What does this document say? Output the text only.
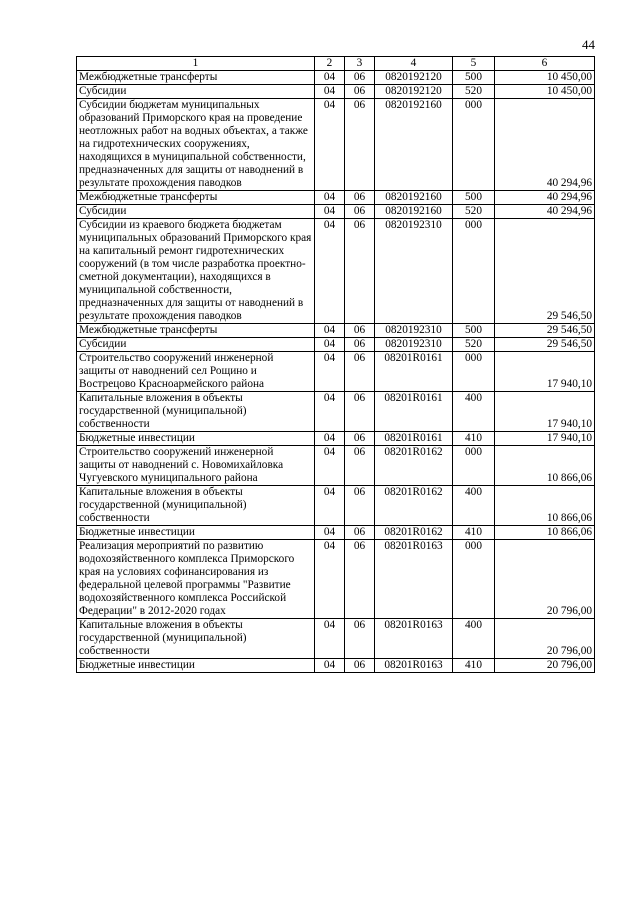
44
1	2	3	4	5	6
Межбюджетные трансферты	04	06	0820192120	500	10 450,00
Субсидии	04	06	0820192120	520	10 450,00
Субсидии бюджетам муниципальных образований Приморского края на проведение неотложных работ на водных объектах, а также на гидротехнических сооружениях, находящихся в муниципальной собственности, предназначенных для защиты от наводнений в результате прохождения паводков	04	06	0820192160	000	40 294,96
Межбюджетные трансферты	04	06	0820192160	500	40 294,96
Субсидии	04	06	0820192160	520	40 294,96
Субсидии из краевого бюджета бюджетам муниципальных образований Приморского края на капитальный ремонт гидротехнических сооружений (в том числе разработка проектно-сметной документации), находящихся в муниципальной собственности, предназначенных для защиты от наводнений в результате прохождения паводков	04	06	0820192310	000	29 546,50
Межбюджетные трансферты	04	06	0820192310	500	29 546,50
Субсидии	04	06	0820192310	520	29 546,50
Строительство сооружений инженерной защиты от наводнений сел Рощино и Вострецово Красноармейского района	04	06	08201R0161	000	17 940,10
Капитальные вложения в объекты государственной (муниципальной) собственности	04	06	08201R0161	400	17 940,10
Бюджетные инвестиции	04	06	08201R0161	410	17 940,10
Строительство сооружений инженерной защиты от наводнений с. Новомихайловка Чугуевского муниципального района	04	06	08201R0162	000	10 866,06
Капитальные вложения в объекты государственной (муниципальной) собственности	04	06	08201R0162	400	10 866,06
Бюджетные инвестиции	04	06	08201R0162	410	10 866,06
Реализация мероприятий по развитию водохозяйственного комплекса Приморского края на условиях софинансирования из федеральной целевой программы "Развитие водохозяйственного комплекса Российской Федерации" в 2012-2020 годах	04	06	08201R0163	000	20 796,00
Капитальные вложения в объекты государственной (муниципальной) собственности	04	06	08201R0163	400	20 796,00
Бюджетные инвестиции	04	06	08201R0163	410	20 796,00
